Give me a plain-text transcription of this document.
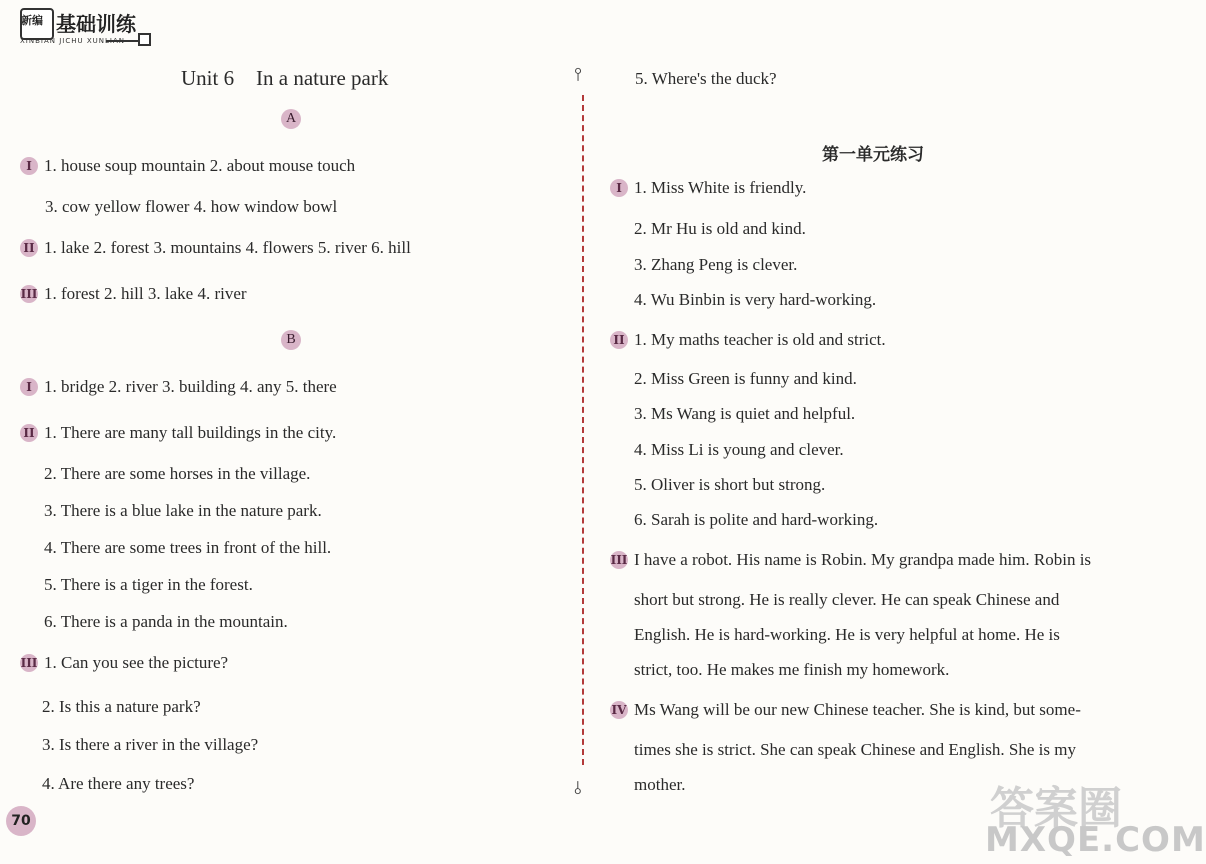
新编 基础训练
XINBIAN JICHU XUNLIAN
Unit 6 In a nature park
A
I 1. house soup mountain 2. about mouse touch
3. cow yellow flower 4. how window bowl
II 1. lake 2. forest 3. mountains 4. flowers 5. river 6. hill
III 1. forest 2. hill 3. lake 4. river
B
I 1. bridge 2. river 3. building 4. any 5. there
II 1. There are many tall buildings in the city.
2. There are some horses in the village.
3. There is a blue lake in the nature park.
4. There are some trees in front of the hill.
5. There is a tiger in the forest.
6. There is a panda in the mountain.
III 1. Can you see the picture?
2. Is this a nature park?
3. Is there a river in the village?
4. Are there any trees?
70
⫯
⫰
5. Where's the duck?
第一单元练习
I 1. Miss White is friendly.
2. Mr Hu is old and kind.
3. Zhang Peng is clever.
4. Wu Binbin is very hard-working.
II 1. My maths teacher is old and strict.
2. Miss Green is funny and kind.
3. Ms Wang is quiet and helpful.
4. Miss Li is young and clever.
5. Oliver is short but strong.
6. Sarah is polite and hard-working.
III I have a robot. His name is Robin. My grandpa made him. Robin is
short but strong. He is really clever. He can speak Chinese and
English. He is hard-working. He is very helpful at home. He is
strict, too. He makes me finish my homework.
IV Ms Wang will be our new Chinese teacher. She is kind, but some-
times she is strict. She can speak Chinese and English. She is my
mother.	答案圈
MXQE.COM
